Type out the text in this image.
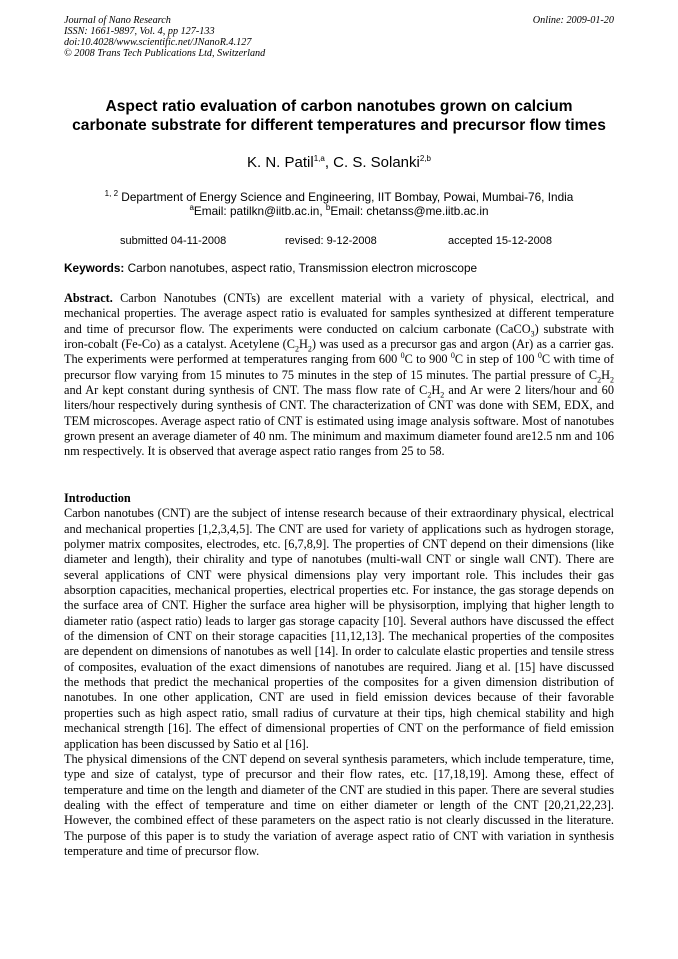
Journal of Nano Research
ISSN: 1661-9897, Vol. 4, pp 127-133
doi:10.4028/www.scientific.net/JNanoR.4.127
© 2008 Trans Tech Publications Ltd, Switzerland
Online: 2009-01-20
Aspect ratio evaluation of carbon nanotubes grown on calcium
carbonate substrate for different temperatures and precursor flow times
K. N. Patil$^{1,a}$, C. S. Solanki$^{2,b}$
$^{1, 2}$ Department of Energy Science and Engineering, IIT Bombay, Powai, Mumbai-76, India
$^a$Email: patilkn@iitb.ac.in, $^b$Email: chetanss@me.iitb.ac.in
submitted 04-11-2008	revised: 9-12-2008	accepted 15-12-2008
Keywords: Carbon nanotubes, aspect ratio, Transmission electron microscope

Abstract. Carbon Nanotubes (CNTs) are excellent material with a variety of physical, electrical, and mechanical properties. The average aspect ratio is evaluated for samples synthesized at different temperature and time of precursor flow. The experiments were conducted on calcium carbonate (CaCO$_3$) substrate with iron-cobalt (Fe-Co) as a catalyst. Acetylene $(C_2H_2)$ was used as a precursor gas and argon (Ar) as a carrier gas. The experiments were performed at temperatures ranging from 600 $^0$C to 900 $^0$C in step of 100 $^0$C with time of precursor flow varying from 15 minutes to 75 minutes in the step of 15 minutes. The partial pressure of $C_2H_2$ and Ar kept constant during synthesis of CNT. The mass flow rate of $C_2H_2$ and Ar were 2 liters/hour and 60 liters/hour respectively during synthesis of CNT. The characterization of CNT was done with SEM, EDX, and TEM microscopes. Average aspect ratio of CNT is estimated using image analysis software. Most of nanotubes grown present an average diameter of 40 nm. The minimum and maximum diameter found are12.5 nm and 106 nm respectively. It is observed that average aspect ratio ranges from 25 to 58.

Introduction

Carbon nanotubes (CNT) are the subject of intense research because of their extraordinary physical, electrical and mechanical properties [1,2,3,4,5]. The CNT are used for variety of applications such as hydrogen storage, polymer matrix composites, electrodes, etc. [6,7,8,9]. The properties of CNT depend on their dimensions (like diameter and length), their chirality and type of nanotubes (multi-wall CNT or single wall CNT). There are several applications of CNT were physical dimensions play very important role. This includes their gas absorption capacities, mechanical properties, electrical properties etc. For instance, the gas storage depends on the surface area of CNT. Higher the surface area higher will be physisorption, implying that higher length to diameter ratio (aspect ratio) leads to larger gas storage capacity [10]. Several authors have discussed the effect of the dimension of CNT on their storage capacities [11,12,13]. The mechanical properties of the composites are dependent on dimensions of nanotubes as well [14]. In order to calculate elastic properties and tensile stress of composites, evaluation of the exact dimensions of nanotubes are required. Jiang et al. [15] have discussed the methods that predict the mechanical properties of the composites for a given dimension distribution of nanotubes. In one other application, CNT are used in field emission devices because of their favorable properties such as high aspect ratio, small radius of curvature at their tips, high chemical stability and high mechanical strength [16]. The effect of dimensional properties of CNT on the performance of field emission application has been discussed by Satio et al [16].

The physical dimensions of the CNT depend on several synthesis parameters, which include temperature, time, type and size of catalyst, type of precursor and their flow rates, etc. [17,18,19]. Among these, effect of temperature and time on the length and diameter of the CNT are studied in this paper. There are several studies dealing with the effect of temperature and time on either diameter or length of the CNT [20,21,22,23]. However, the combined effect of these parameters on the aspect ratio is not clearly discussed in the literature. The purpose of this paper is to study the variation of average aspect ratio of CNT with variation in synthesis temperature and time of precursor flow.
